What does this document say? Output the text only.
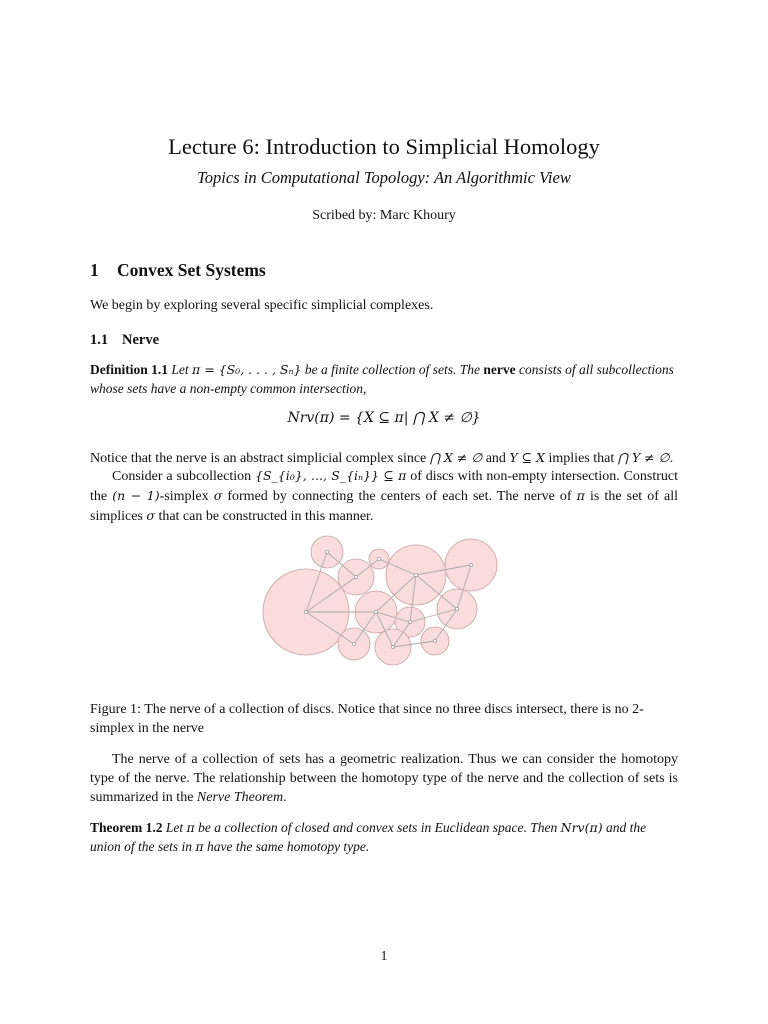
Lecture 6: Introduction to Simplicial Homology
Topics in Computational Topology: An Algorithmic View
Scribed by: Marc Khoury
1 Convex Set Systems
We begin by exploring several specific simplicial complexes.
1.1 Nerve
Definition 1.1 Let π = {S₀, . . . , Sₙ} be a finite collection of sets. The nerve consists of all subcollections whose sets have a non-empty common intersection,
Nrv(π) = {X ⊆ π| ⋂ X ≠ ∅}
Notice that the nerve is an abstract simplicial complex since ⋂ X ≠ ∅ and Y ⊆ X implies that ⋂ Y ≠ ∅.
Consider a subcollection {S_{i₀}, ..., S_{iₙ}} ⊆ π of discs with non-empty intersection. Construct the (n − 1)-simplex σ formed by connecting the centers of each set. The nerve of π is the set of all simplices σ that can be constructed in this manner.
Figure 1: The nerve of a collection of discs. Notice that since no three discs intersect, there is no 2-simplex in the nerve
The nerve of a collection of sets has a geometric realization. Thus we can consider the homotopy type of the nerve. The relationship between the homotopy type of the nerve and the collection of sets is summarized in the Nerve Theorem.
Theorem 1.2 Let π be a collection of closed and convex sets in Euclidean space. Then Nrv(π) and the union of the sets in π have the same homotopy type.
1
